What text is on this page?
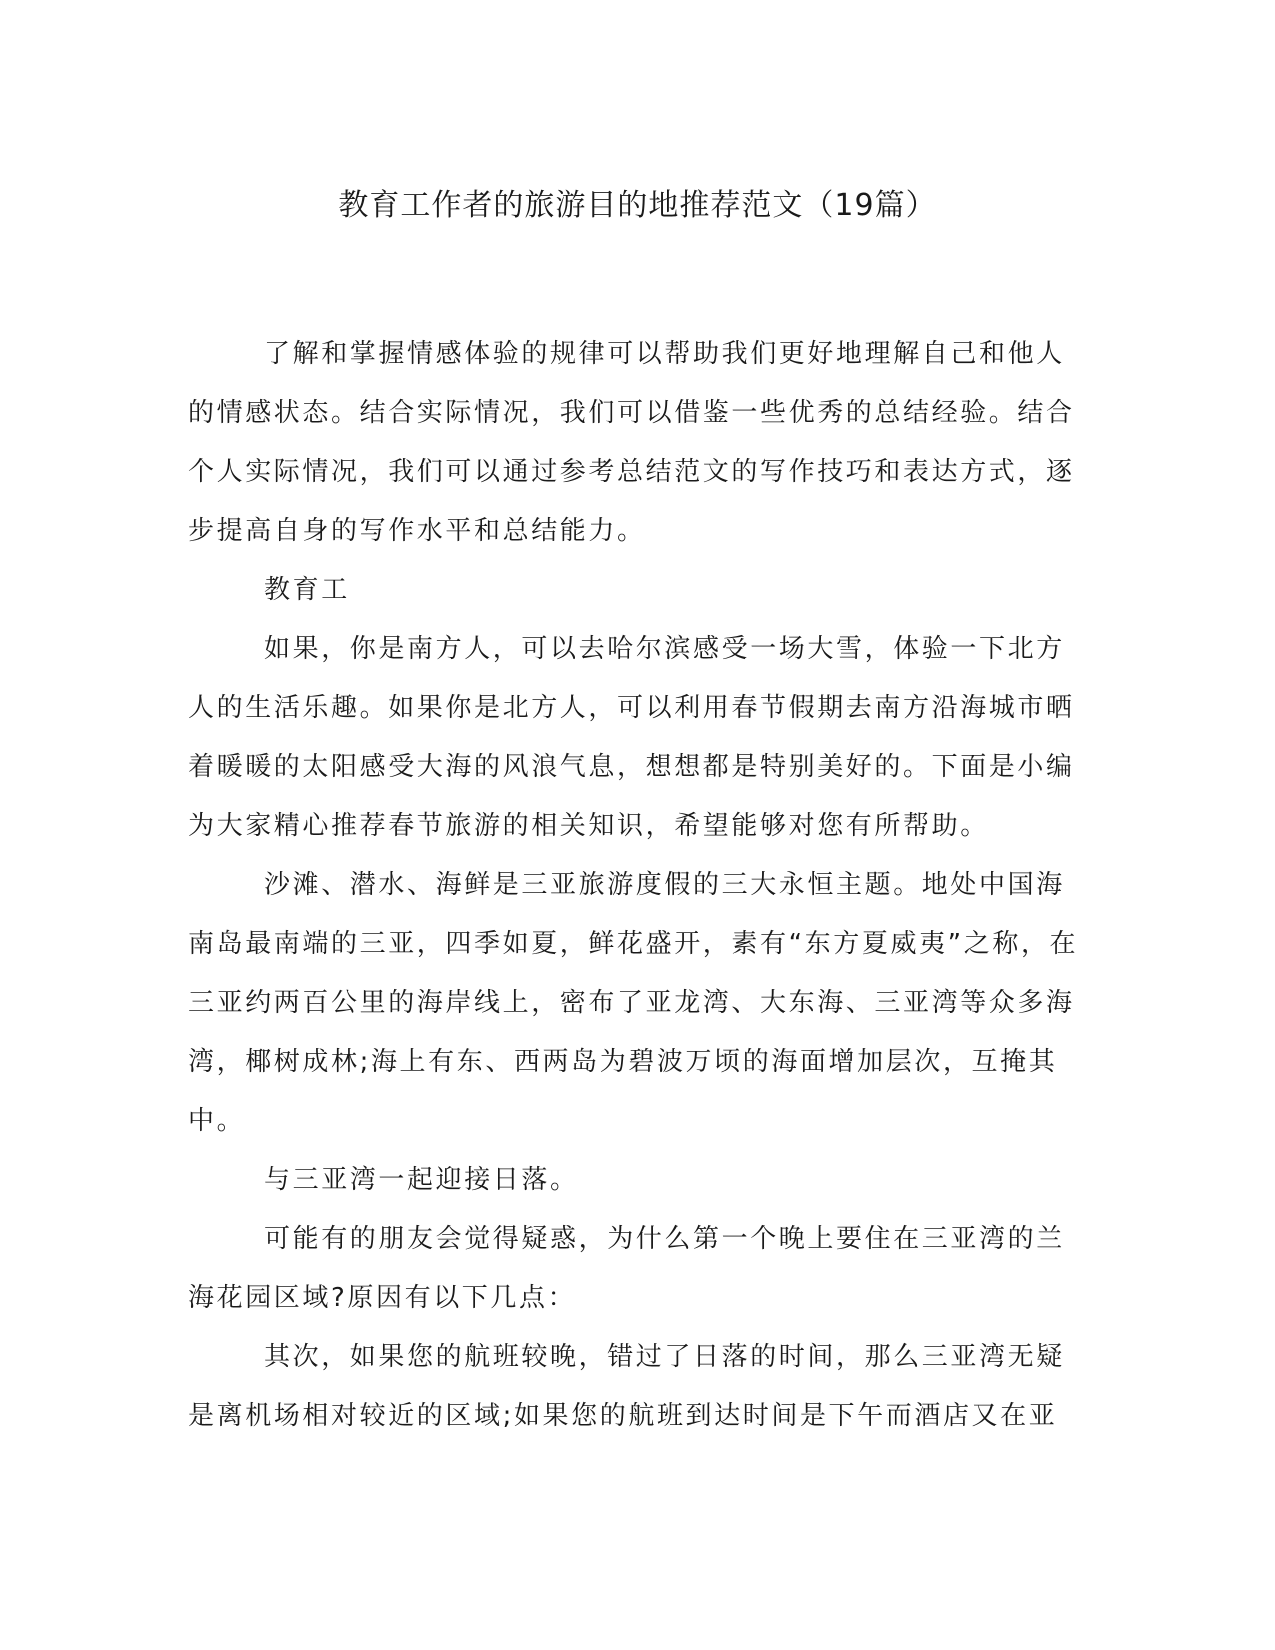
教育工作者的旅游目的地推荐范文（19篇）

了解和掌握情感体验的规律可以帮助我们更好地理解自己和他人的情感状态。结合实际情况，我们可以借鉴一些优秀的总结经验。结合个人实际情况，我们可以通过参考总结范文的写作技巧和表达方式，逐步提高自身的写作水平和总结能力。

教育工

如果，你是南方人，可以去哈尔滨感受一场大雪，体验一下北方人的生活乐趣。如果你是北方人，可以利用春节假期去南方沿海城市晒着暖暖的太阳感受大海的风浪气息，想想都是特别美好的。下面是小编为大家精心推荐春节旅游的相关知识，希望能够对您有所帮助。

沙滩、潜水、海鲜是三亚旅游度假的三大永恒主题。地处中国海南岛最南端的三亚，四季如夏，鲜花盛开，素有“东方夏威夷”之称，在三亚约两百公里的海岸线上，密布了亚龙湾、大东海、三亚湾等众多海湾，椰树成林;海上有东、西两岛为碧波万顷的海面增加层次，互掩其中。

与三亚湾一起迎接日落。

可能有的朋友会觉得疑惑，为什么第一个晚上要住在三亚湾的兰海花园区域?原因有以下几点：

其次，如果您的航班较晚，错过了日落的时间，那么三亚湾无疑是离机场相对较近的区域;如果您的航班到达时间是下午而酒店又在亚
